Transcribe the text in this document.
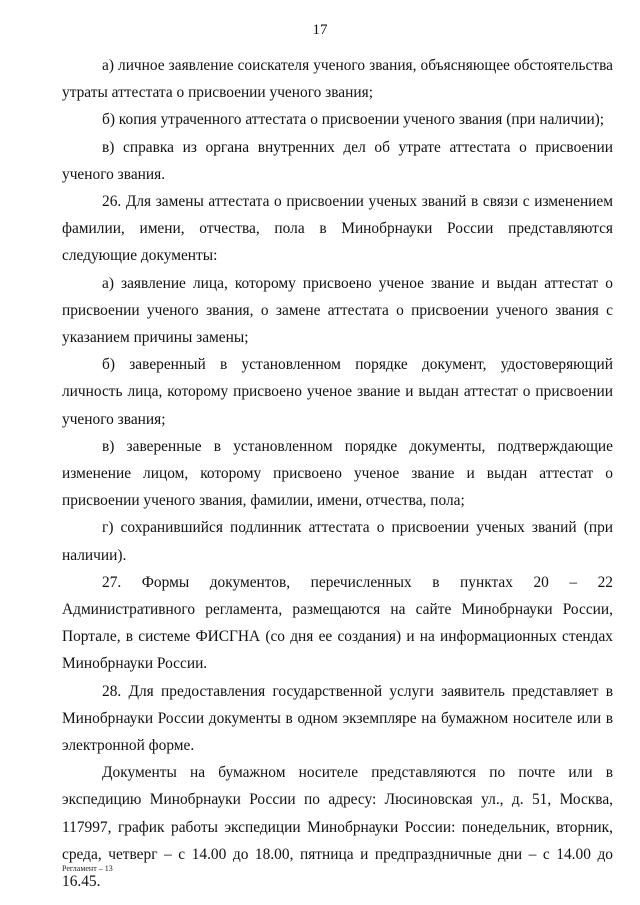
17

а) личное заявление соискателя ученого звания, объясняющее обстоятельства утраты аттестата о присвоении ученого звания;

б) копия утраченного аттестата о присвоении ученого звания (при наличии);

в) справка из органа внутренних дел об утрате аттестата о присвоении ученого звания.

26. Для замены аттестата о присвоении ученых званий в связи с изменением фамилии, имени, отчества, пола в Минобрнауки России представляются следующие документы:

а) заявление лица, которому присвоено ученое звание и выдан аттестат о присвоении ученого звания, о замене аттестата о присвоении ученого звания с указанием причины замены;

б) заверенный в установленном порядке документ, удостоверяющий личность лица, которому присвоено ученое звание и выдан аттестат о присвоении ученого звания;

в) заверенные в установленном порядке документы, подтверждающие изменение лицом, которому присвоено ученое звание и выдан аттестат о присвоении ученого звания, фамилии, имени, отчества, пола;

г) сохранившийся подлинник аттестата о присвоении ученых званий (при наличии).

27. Формы документов, перечисленных в пунктах 20 – 22 Административного регламента, размещаются на сайте Минобрнауки России, Портале, в системе ФИСГНА (со дня ее создания) и на информационных стендах Минобрнауки России.

28. Для предоставления государственной услуги заявитель представляет в Минобрнауки России документы в одном экземпляре на бумажном носителе или в электронной форме.

Документы на бумажном носителе представляются по почте или в экспедицию Минобрнауки России по адресу: Люсиновская ул., д. 51, Москва, 117997, график работы экспедиции Минобрнауки России: понедельник, вторник, среда, четверг – с 14.00 до 18.00, пятница и предпраздничные дни – с 14.00 до 16.45.

Регламент – 13
